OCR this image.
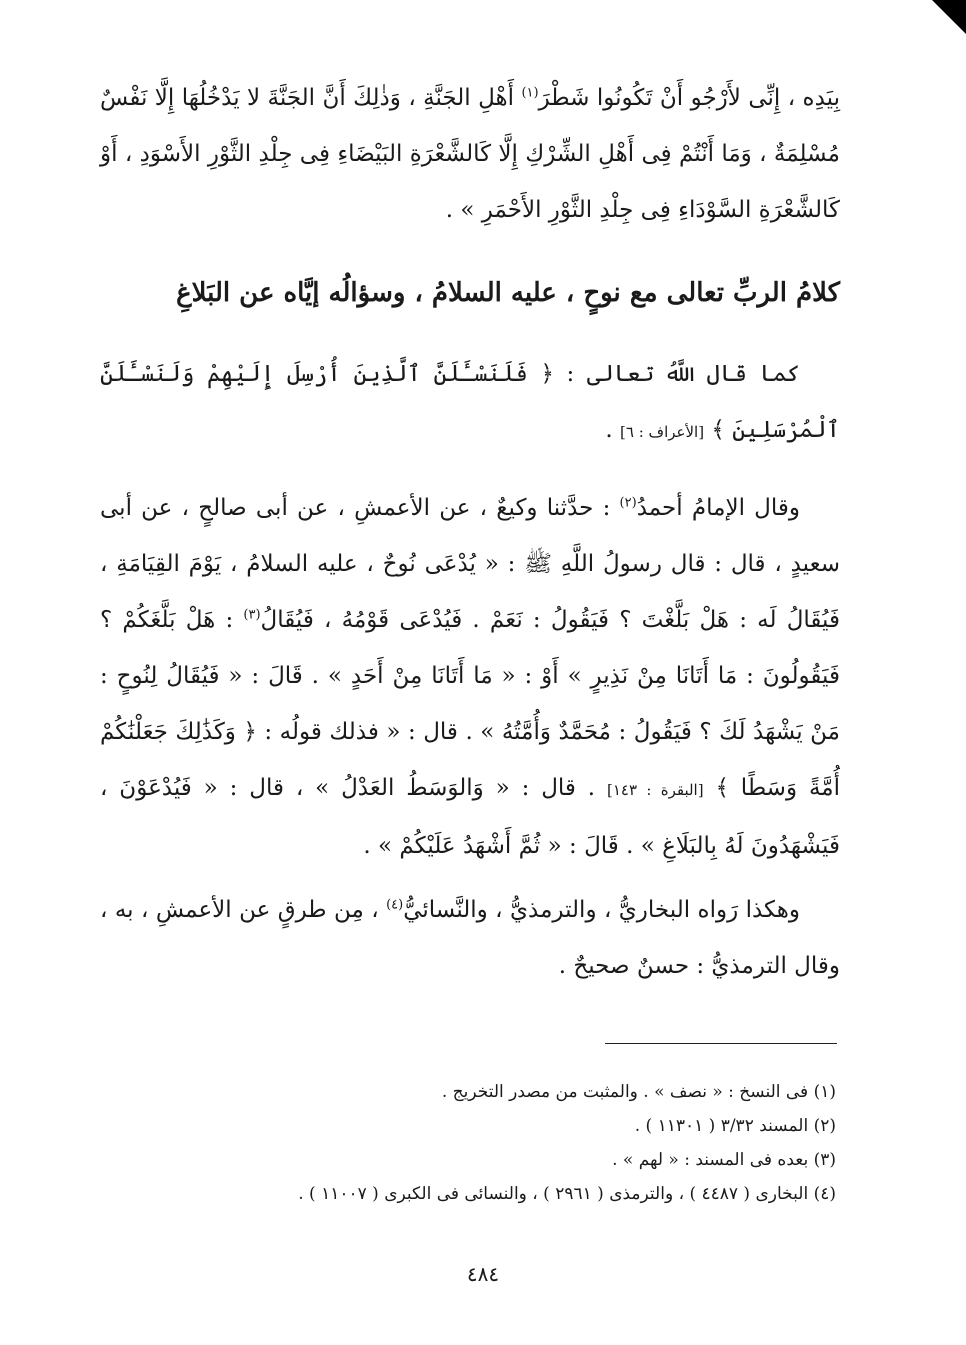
بِيَدِه ، إِنِّى لأَرْجُو أَنْ تَكُونُوا شَطْرَ$^{(١)}$ أَهْلِ الجَنَّةِ ، وَذٰلِكَ أَنَّ الجَنَّةَ لا يَدْخُلُهَا إِلَّا نَفْسٌ مُسْلِمَةٌ ، وَمَا أَنْتُمْ فِى أَهْلِ الشِّرْكِ إِلَّا كَالشَّعْرَةِ البَيْضَاءِ فِى جِلْدِ الثَّوْرِ الأَسْوَدِ ، أَوْ كَالشَّعْرَةِ السَّوْدَاءِ فِى جِلْدِ الثَّوْرِ الأَحْمَرِ » .

كلامُ الربِّ تعالى مع نوحٍ ، عليه السلامُ ، وسؤالُه إيَّاه عن البَلاغِ

كما قال اللَّهُ تعالى : ﴿ فَلَنَسْـَٔلَنَّ ٱلَّذِينَ أُرْسِلَ إِلَيْهِمْ وَلَنَسْـَٔلَنَّ ٱلْمُرْسَلِينَ ﴾ [الأعراف : ٦] .

وقال الإمامُ أحمدُ$^{(٢)}$ : حدَّثنا وكيعٌ ، عن الأعمشِ ، عن أبى صالحٍ ، عن أبى سعيدٍ ، قال : قال رسولُ اللَّهِ ﷺ : « يُدْعَى نُوحٌ ، عليه السلامُ ، يَوْمَ القِيَامَةِ ، فَيُقَالُ لَه : هَلْ بَلَّغْتَ ؟ فَيَقُولُ : نَعَمْ . فَيُدْعَى قَوْمُهُ ، فَيُقَالُ$^{(٣)}$ : هَلْ بَلَّغَكُمْ ؟ فَيَقُولُونَ : مَا أَتَانَا مِنْ نَذِيرٍ » أَوْ : « مَا أَتَانَا مِنْ أَحَدٍ » . قَالَ : « فَيُقَالُ لِنُوحٍ : مَنْ يَشْهَدُ لَكَ ؟ فَيَقُولُ : مُحَمَّدٌ وَأُمَّتُهُ » . قال : « فذلك قولُه : ﴿ وَكَذَٰلِكَ جَعَلْنَٰكُمْ أُمَّةً وَسَطًا ﴾ [البقرة : ١٤٣] . قال : « وَالوَسَطُ العَدْلُ » ، قال : « فَيُدْعَوْنَ ، فَيَشْهَدُونَ لَهُ بِالبَلَاغِ » . قَالَ : « ثُمَّ أَشْهَدُ عَلَيْكُمْ » .

وهكذا رَواه البخاريُّ ، والترمذيُّ ، والنَّسائيُّ$^{(٤)}$ ، مِن طرقٍ عن الأعمشِ ، به ، وقال الترمذيُّ : حسنٌ صحيحٌ .

(١) فى النسخ : « نصف » . والمثبت من مصدر التخريج .

(٢) المسند ٣/٣٢ ( ١١٣٠١ ) .

(٣) بعده فى المسند : « لهم » .

(٤) البخارى ( ٤٤٨٧ ) ، والترمذى ( ٢٩٦١ ) ، والنسائى فى الكبرى ( ١١٠٠٧ ) .

٤٨٤
